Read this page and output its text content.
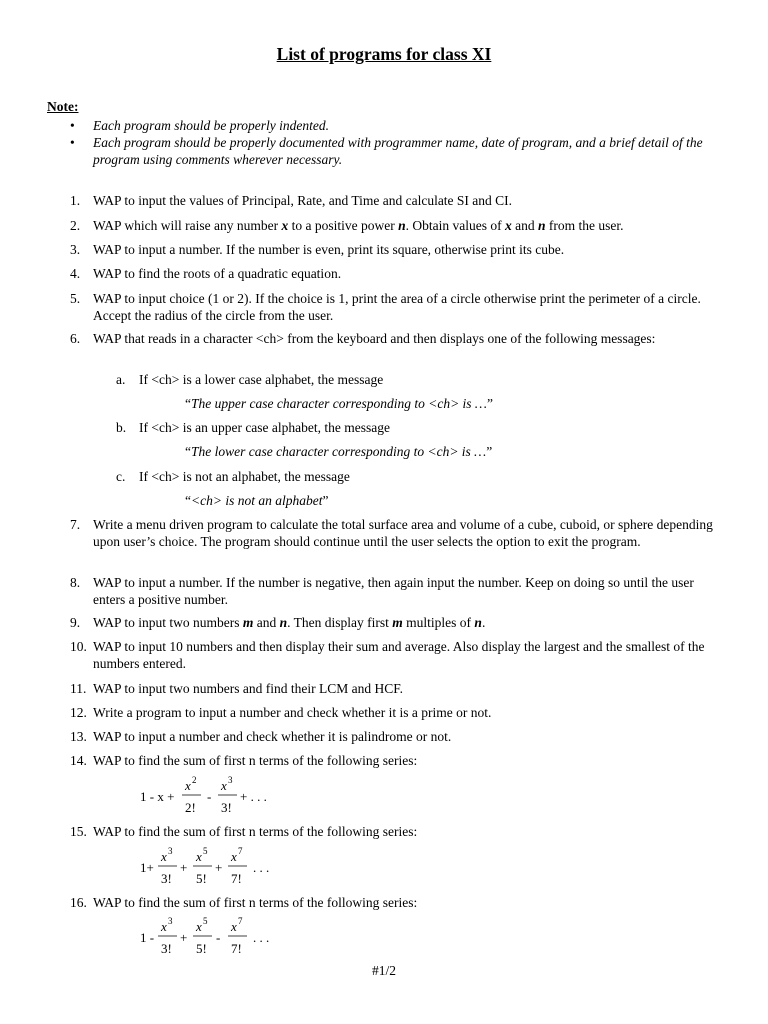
List of programs for class XI
Note:
• Each program should be properly indented.
• Each program should be properly documented with programmer name, date of program, and a brief detail of the program using comments wherever necessary.
1. WAP to input the values of Principal, Rate, and Time and calculate SI and CI.
2. WAP which will raise any number x to a positive power n. Obtain values of x and n from the user.
3. WAP to input a number. If the number is even, print its square, otherwise print its cube.
4. WAP to find the roots of a quadratic equation.
5. WAP to input choice (1 or 2). If the choice is 1, print the area of a circle otherwise print the perimeter of a circle. Accept the radius of the circle from the user.
6. WAP that reads in a character <ch> from the keyboard and then displays one of the following messages:
a. If <ch> is a lower case alphabet, the message
“The upper case character corresponding to <ch> is …”
b. If <ch> is an upper case alphabet, the message
“The lower case character corresponding to <ch> is …”
c. If <ch> is not an alphabet, the message
“<ch> is not an alphabet”
7. Write a menu driven program to calculate the total surface area and volume of a cube, cuboid, or sphere depending upon user’s choice. The program should continue until the user selects the option to exit the program.
8. WAP to input a number. If the number is negative, then again input the number. Keep on doing so until the user enters a positive number.
9. WAP to input two numbers m and n. Then display first m multiples of n.
10. WAP to input 10 numbers and then display their sum and average. Also display the largest and the smallest of the numbers entered.
11. WAP to input two numbers and find their LCM and HCF.
12. Write a program to input a number and check whether it is a prime or not.
13. WAP to input a number and check whether it is palindrome or not.
14. WAP to find the sum of first n terms of the following series:
1 - x +
x 2
2!
-
x 3
3!
+ . . .
15. WAP to find the sum of first n terms of the following series:
1+
x 3
3!
+
x 5
5!
+
x 7
7!
. . .
16. WAP to find the sum of first n terms of the following series:
1 -
x 3
3!
+
x 5
5!
-
x 7
7!
. . .
#1/2
